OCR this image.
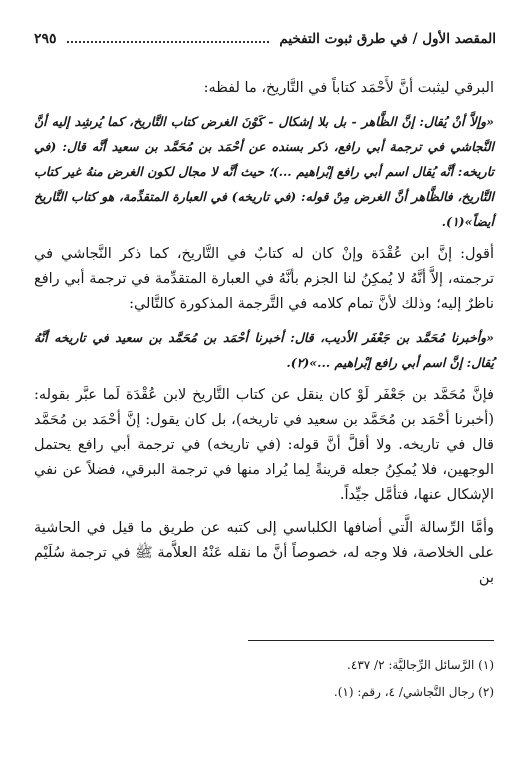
المقصد الأول / في طرق ثبوت التفخيم
٢٩٥

البرقي ليثبت أنَّ لأَحْمَد كتاباً في التَّاريخ، ما لفظه:

«وإلاَّ أنْ يُقال: إنَّ الظَّاهر - بل بلا إشكال - كَوْنَ الغرض كتاب التَّاريخ، كما يُرشِد إليه أنَّ النَّجاشي في ترجمة أبي رافع، ذكر بسنده عن أحْمَد بن مُحَمَّد بن سعيد أنَّه قال: (في تاريخه: أنَّه يُقال اسم أبي رافع إبْراهيم ...)؛ حيث أنَّه لا مجال لكون الغرض منهُ غير كتاب التَّاريخ، فالظَّاهر أنَّ الغرض مِنْ قوله: (في تاريخه) في العبارة المتقدِّمة، هو كتاب التَّاريخ أيضاً»(١).

أقول: إنَّ ابن عُقْدَة وإنْ كان له كتابٌ في التَّاريخ، كما ذكر النَّجاشي في ترجمته، إلاَّ أنَّهُ لا يُمكِنُ لنا الجزم بأنَّهُ في العبارة المتقدِّمة في ترجمة أبي رافع ناظرٌ إليه؛ وذلك لأنَّ تمام كلامه في التَّرجمة المذكورة كالتَّالي:

«وأخبرنا مُحَمَّد بن جَعْفَر الأديب، قال: أخبرنا أحْمَد بن مُحَمَّد بن سعيد في تاريخه أنَّهُ يُقال: إنَّ اسم أبي رافع إبْراهيم ...»(٢).

فإنَّ مُحَمَّد بن جَعْفَر لَوْ كان ينقل عن كتاب التَّاريخ لابن عُقْدَة لَما عبَّر بقوله: (أخبرنا أحْمَد بن مُحَمَّد بن سعيد في تاريخه)، بل كان يقول: إنَّ أحْمَد بن مُحَمَّد قال في تاريخه. ولا أقلَّ أنَّ قوله: (في تاريخه) في ترجمة أبي رافع يحتمل الوجهين، فلا يُمكِنُ جعله قرينةً لِما يُراد منها في ترجمة البرقي، فضلاً عن نفي الإشكال عنها، فتأمَّل جيِّداً.

وأمَّا الرِّسالة الَّتي أضافها الكلباسي إلى كتبه عن طريق ما قيل في الحاشية على الخلاصة، فلا وجه له، خصوصاً أنَّ ما نقله عَنْهُ العلاَّمة ﷺ في ترجمة سُلَيْم بن

(١) الرَّسائل الرِّجاليَّة: ٢/ ٤٣٧.
(٢) رجال النَّجاشي/ ٤، رقم: (١).
